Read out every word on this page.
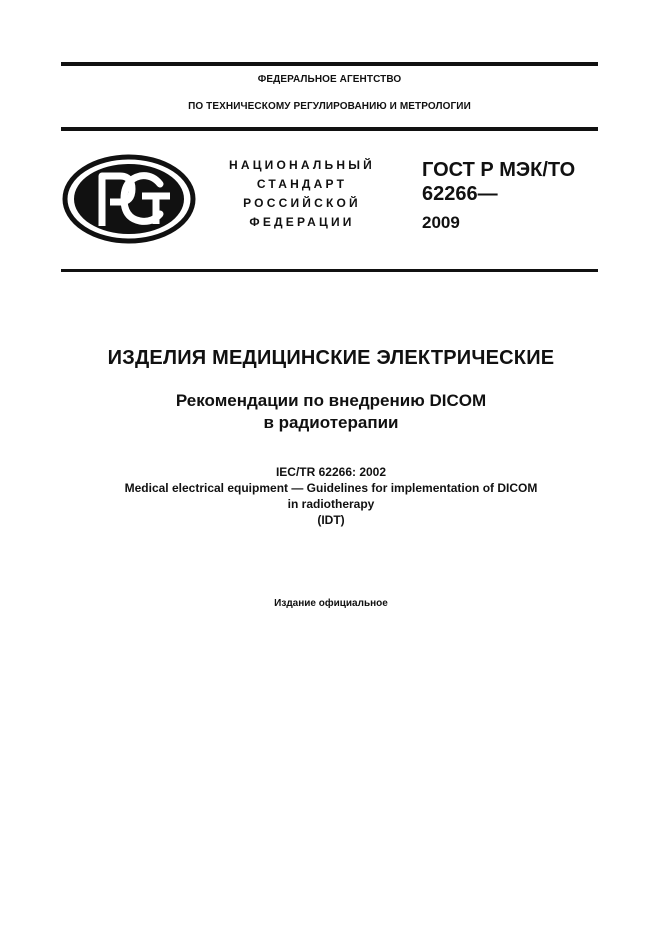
ФЕДЕРАЛЬНОЕ АГЕНТСТВО
ПО ТЕХНИЧЕСКОМУ РЕГУЛИРОВАНИЮ И МЕТРОЛОГИИ
НАЦИОНАЛЬНЫЙ
СТАНДАРТ
РОССИЙСКОЙ
ФЕДЕРАЦИИ
ГОСТ Р МЭК/ТО
62266—
2009
ИЗДЕЛИЯ МЕДИЦИНСКИЕ ЭЛЕКТРИЧЕСКИЕ
Рекомендации по внедрению DICOM
в радиотерапии
IEC/TR 62266: 2002
Medical electrical equipment — Guidelines for implementation of DICOM
in radiotherapy
(IDT)
Издание официальное
